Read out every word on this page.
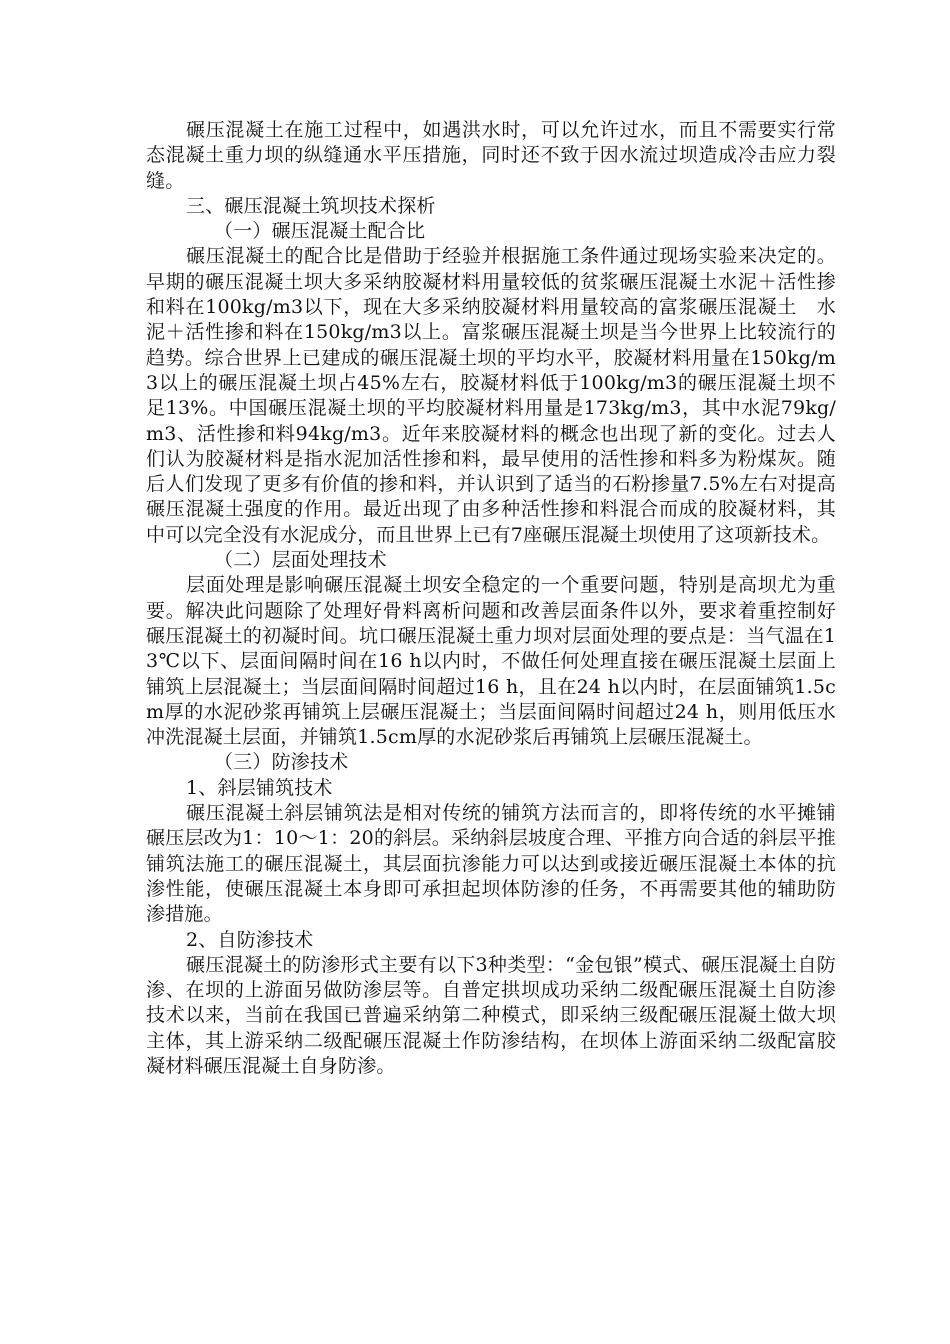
碾压混凝土在施工过程中，如遇洪水时，可以允许过水，而且不需要实行常态混凝土重力坝的纵缝通水平压措施，同时还不致于因水流过坝造成冷击应力裂缝。

三、碾压混凝土筑坝技术探析

（一）碾压混凝土配合比

碾压混凝土的配合比是借助于经验并根据施工条件通过现场实验来决定的。早期的碾压混凝土坝大多采纳胶凝材料用量较低的贫浆碾压混凝土水泥＋活性掺和料在100kg/m3以下，现在大多采纳胶凝材料用量较高的富浆碾压混凝土　水泥＋活性掺和料在150kg/m3以上。富浆碾压混凝土坝是当今世界上比较流行的趋势。综合世界上已建成的碾压混凝土坝的平均水平，胶凝材料用量在150kg/m3以上的碾压混凝土坝占45%左右，胶凝材料低于100kg/m3的碾压混凝土坝不足13%。中国碾压混凝土坝的平均胶凝材料用量是173kg/m3，其中水泥79kg/m3、活性掺和料94kg/m3。近年来胶凝材料的概念也出现了新的变化。过去人们认为胶凝材料是指水泥加活性掺和料，最早使用的活性掺和料多为粉煤灰。随后人们发现了更多有价值的掺和料，并认识到了适当的石粉掺量7.5%左右对提高碾压混凝土强度的作用。最近出现了由多种活性掺和料混合而成的胶凝材料，其中可以完全没有水泥成分，而且世界上已有7座碾压混凝土坝使用了这项新技术。

（二）层面处理技术

层面处理是影响碾压混凝土坝安全稳定的一个重要问题，特别是高坝尤为重要。解决此问题除了处理好骨料离析问题和改善层面条件以外，要求着重控制好碾压混凝土的初凝时间。坑口碾压混凝土重力坝对层面处理的要点是：当气温在13℃以下、层面间隔时间在16 h以内时，不做任何处理直接在碾压混凝土层面上铺筑上层混凝土；当层面间隔时间超过16 h，且在24 h以内时，在层面铺筑1.5cm厚的水泥砂浆再铺筑上层碾压混凝土；当层面间隔时间超过24 h，则用低压水冲洗混凝土层面，并铺筑1.5cm厚的水泥砂浆后再铺筑上层碾压混凝土。

（三）防渗技术

1、斜层铺筑技术

碾压混凝土斜层铺筑法是相对传统的铺筑方法而言的，即将传统的水平摊铺碾压层改为1：10～1：20的斜层。采纳斜层坡度合理、平推方向合适的斜层平推铺筑法施工的碾压混凝土，其层面抗渗能力可以达到或接近碾压混凝土本体的抗渗性能，使碾压混凝土本身即可承担起坝体防渗的任务，不再需要其他的辅助防渗措施。

2、自防渗技术

碾压混凝土的防渗形式主要有以下3种类型：“金包银”模式、碾压混凝土自防渗、在坝的上游面另做防渗层等。自普定拱坝成功采纳二级配碾压混凝土自防渗技术以来，当前在我国已普遍采纳第二种模式，即采纳三级配碾压混凝土做大坝主体，其上游采纳二级配碾压混凝土作防渗结构，在坝体上游面采纳二级配富胶凝材料碾压混凝土自身防渗。
